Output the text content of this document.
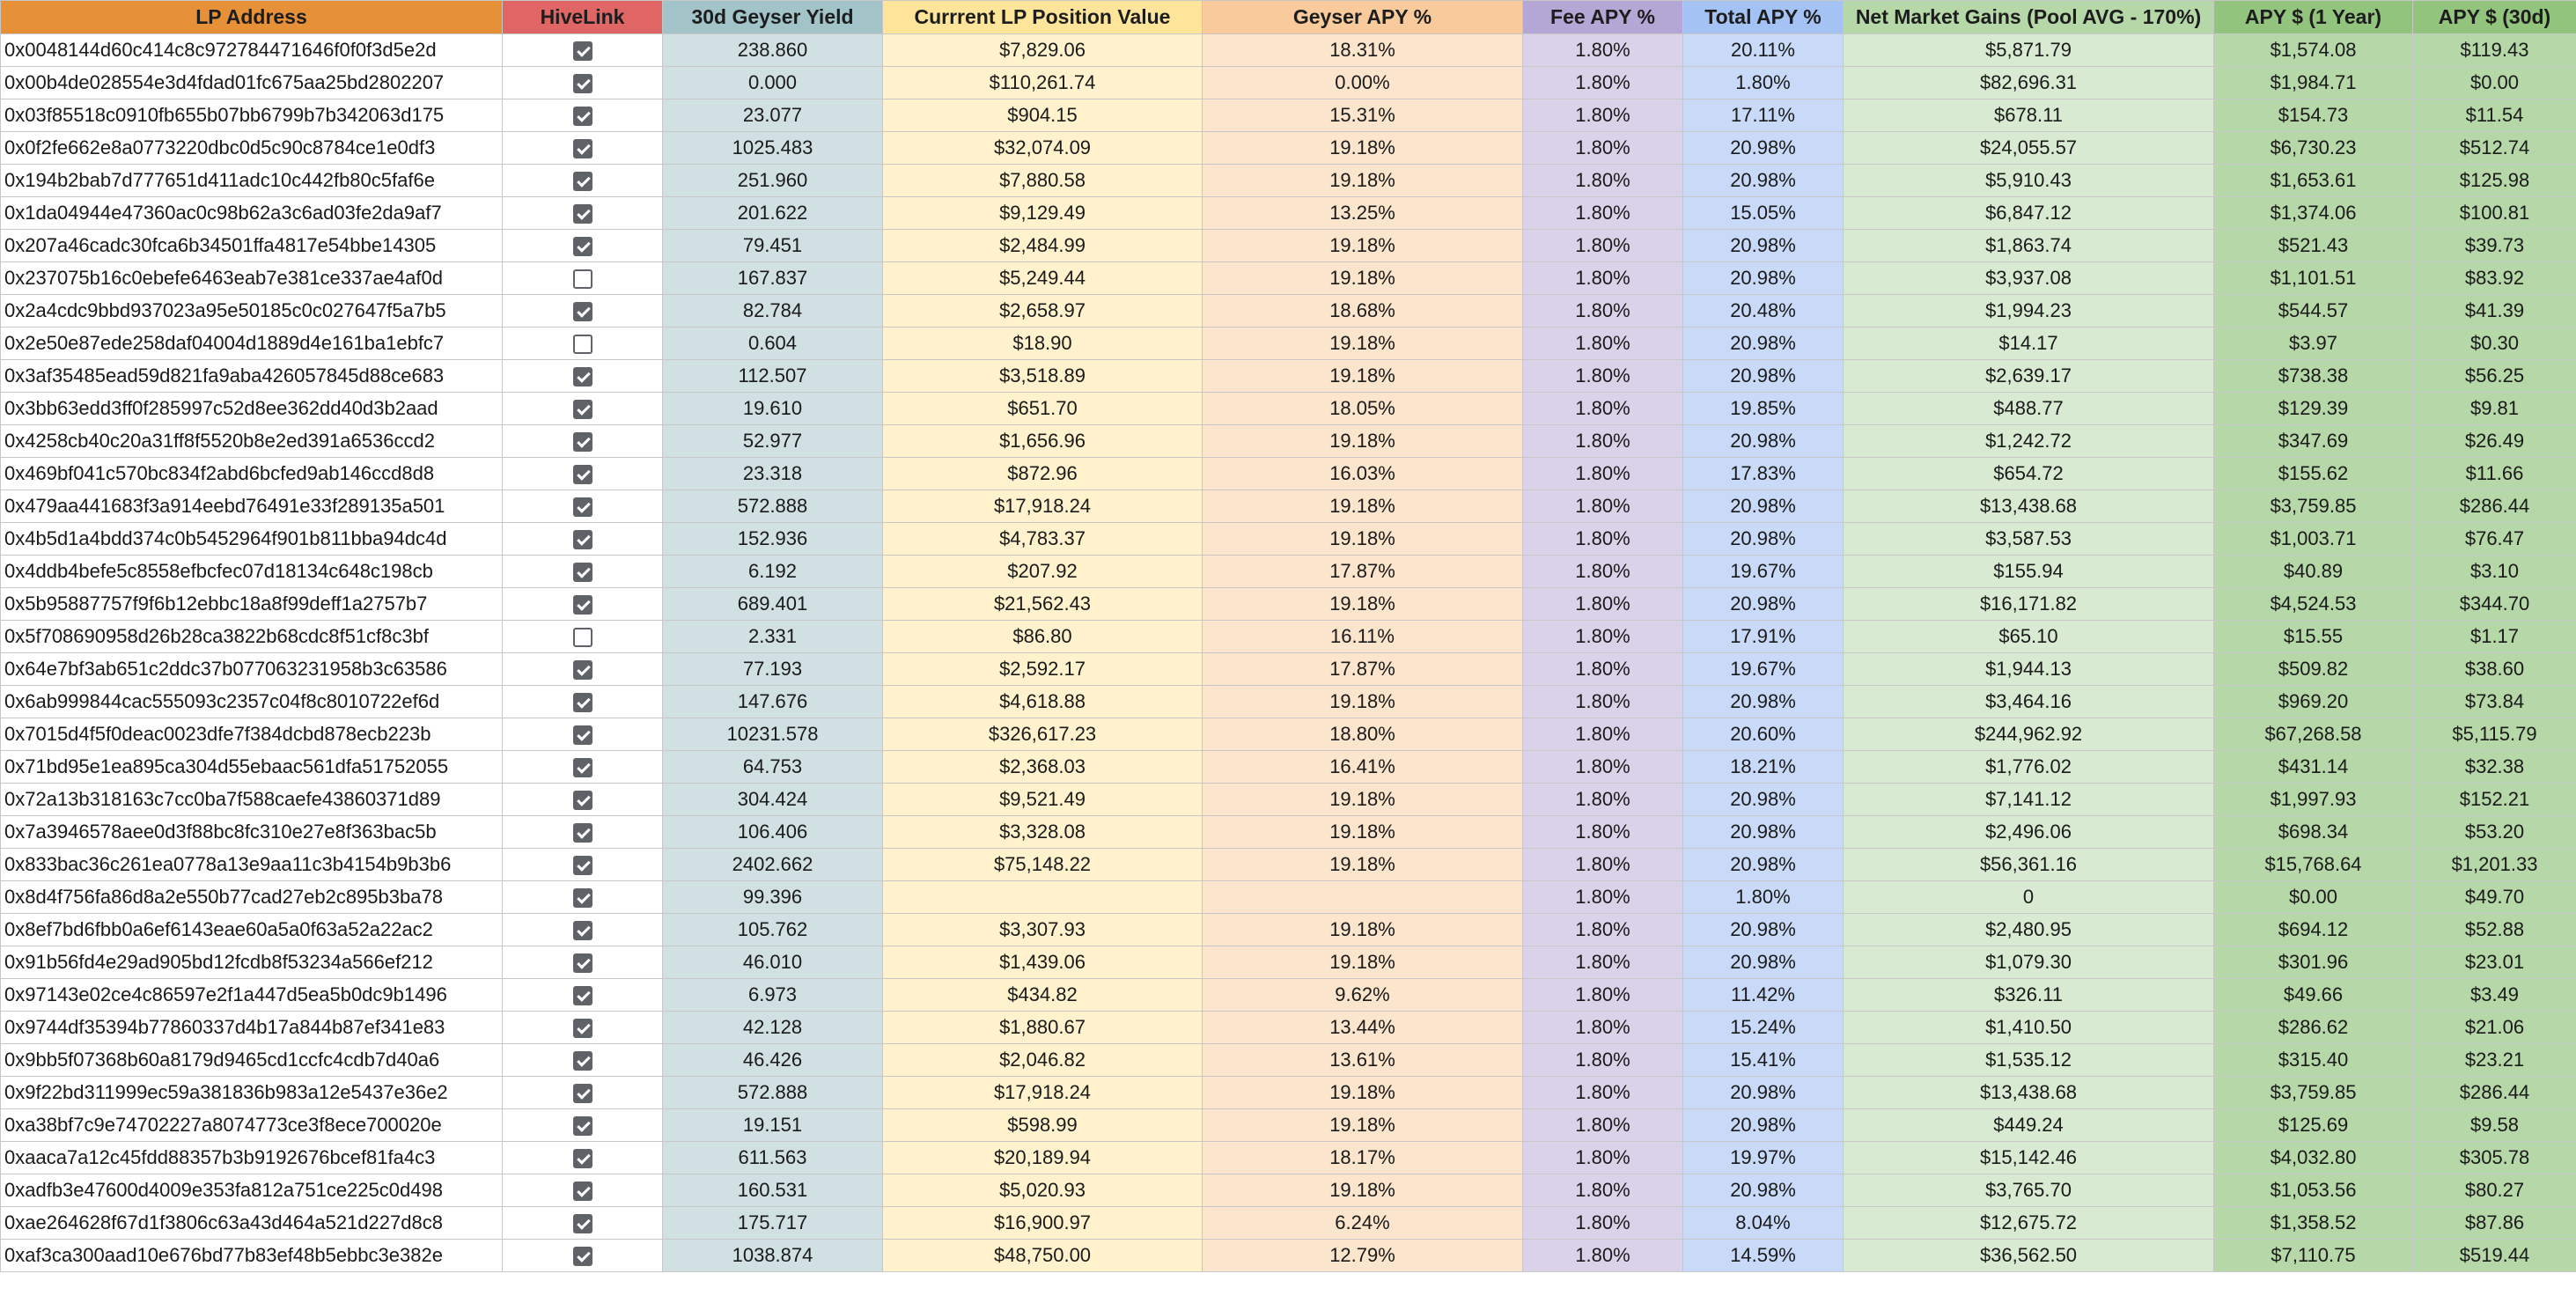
LP Address	HiveLink	30d Geyser Yield	Currrent LP Position Value	Geyser APY %	Fee APY %	Total APY %	Net Market Gains (Pool AVG - 170%)	APY $ (1 Year)	APY $ (30d)
0x0048144d60c414c8c972784471646f0f0f3d5e2d		238.860	$7,829.06	18.31%	1.80%	20.11%	$5,871.79	$1,574.08	$119.43
0x00b4de028554e3d4fdad01fc675aa25bd2802207		0.000	$110,261.74	0.00%	1.80%	1.80%	$82,696.31	$1,984.71	$0.00
0x03f85518c0910fb655b07bb6799b7b342063d175		23.077	$904.15	15.31%	1.80%	17.11%	$678.11	$154.73	$11.54
0x0f2fe662e8a0773220dbc0d5c90c8784ce1e0df3		1025.483	$32,074.09	19.18%	1.80%	20.98%	$24,055.57	$6,730.23	$512.74
0x194b2bab7d777651d411adc10c442fb80c5faf6e		251.960	$7,880.58	19.18%	1.80%	20.98%	$5,910.43	$1,653.61	$125.98
0x1da04944e47360ac0c98b62a3c6ad03fe2da9af7		201.622	$9,129.49	13.25%	1.80%	15.05%	$6,847.12	$1,374.06	$100.81
0x207a46cadc30fca6b34501ffa4817e54bbe14305		79.451	$2,484.99	19.18%	1.80%	20.98%	$1,863.74	$521.43	$39.73
0x237075b16c0ebefe6463eab7e381ce337ae4af0d		167.837	$5,249.44	19.18%	1.80%	20.98%	$3,937.08	$1,101.51	$83.92
0x2a4cdc9bbd937023a95e50185c0c027647f5a7b5		82.784	$2,658.97	18.68%	1.80%	20.48%	$1,994.23	$544.57	$41.39
0x2e50e87ede258daf04004d1889d4e161ba1ebfc7		0.604	$18.90	19.18%	1.80%	20.98%	$14.17	$3.97	$0.30
0x3af35485ead59d821fa9aba426057845d88ce683		112.507	$3,518.89	19.18%	1.80%	20.98%	$2,639.17	$738.38	$56.25
0x3bb63edd3ff0f285997c52d8ee362dd40d3b2aad		19.610	$651.70	18.05%	1.80%	19.85%	$488.77	$129.39	$9.81
0x4258cb40c20a31ff8f5520b8e2ed391a6536ccd2		52.977	$1,656.96	19.18%	1.80%	20.98%	$1,242.72	$347.69	$26.49
0x469bf041c570bc834f2abd6bcfed9ab146ccd8d8		23.318	$872.96	16.03%	1.80%	17.83%	$654.72	$155.62	$11.66
0x479aa441683f3a914eebd76491e33f289135a501		572.888	$17,918.24	19.18%	1.80%	20.98%	$13,438.68	$3,759.85	$286.44
0x4b5d1a4bdd374c0b5452964f901b811bba94dc4d		152.936	$4,783.37	19.18%	1.80%	20.98%	$3,587.53	$1,003.71	$76.47
0x4ddb4befe5c8558efbcfec07d18134c648c198cb		6.192	$207.92	17.87%	1.80%	19.67%	$155.94	$40.89	$3.10
0x5b95887757f9f6b12ebbc18a8f99deff1a2757b7		689.401	$21,562.43	19.18%	1.80%	20.98%	$16,171.82	$4,524.53	$344.70
0x5f708690958d26b28ca3822b68cdc8f51cf8c3bf		2.331	$86.80	16.11%	1.80%	17.91%	$65.10	$15.55	$1.17
0x64e7bf3ab651c2ddc37b077063231958b3c63586		77.193	$2,592.17	17.87%	1.80%	19.67%	$1,944.13	$509.82	$38.60
0x6ab999844cac555093c2357c04f8c8010722ef6d		147.676	$4,618.88	19.18%	1.80%	20.98%	$3,464.16	$969.20	$73.84
0x7015d4f5f0deac0023dfe7f384dcbd878ecb223b		10231.578	$326,617.23	18.80%	1.80%	20.60%	$244,962.92	$67,268.58	$5,115.79
0x71bd95e1ea895ca304d55ebaac561dfa51752055		64.753	$2,368.03	16.41%	1.80%	18.21%	$1,776.02	$431.14	$32.38
0x72a13b318163c7cc0ba7f588caefe43860371d89		304.424	$9,521.49	19.18%	1.80%	20.98%	$7,141.12	$1,997.93	$152.21
0x7a3946578aee0d3f88bc8fc310e27e8f363bac5b		106.406	$3,328.08	19.18%	1.80%	20.98%	$2,496.06	$698.34	$53.20
0x833bac36c261ea0778a13e9aa11c3b4154b9b3b6		2402.662	$75,148.22	19.18%	1.80%	20.98%	$56,361.16	$15,768.64	$1,201.33
0x8d4f756fa86d8a2e550b77cad27eb2c895b3ba78		99.396			1.80%	1.80%	0	$0.00	$49.70
0x8ef7bd6fbb0a6ef6143eae60a5a0f63a52a22ac2		105.762	$3,307.93	19.18%	1.80%	20.98%	$2,480.95	$694.12	$52.88
0x91b56fd4e29ad905bd12fcdb8f53234a566ef212		46.010	$1,439.06	19.18%	1.80%	20.98%	$1,079.30	$301.96	$23.01
0x97143e02ce4c86597e2f1a447d5ea5b0dc9b1496		6.973	$434.82	9.62%	1.80%	11.42%	$326.11	$49.66	$3.49
0x9744df35394b77860337d4b17a844b87ef341e83		42.128	$1,880.67	13.44%	1.80%	15.24%	$1,410.50	$286.62	$21.06
0x9bb5f07368b60a8179d9465cd1ccfc4cdb7d40a6		46.426	$2,046.82	13.61%	1.80%	15.41%	$1,535.12	$315.40	$23.21
0x9f22bd311999ec59a381836b983a12e5437e36e2		572.888	$17,918.24	19.18%	1.80%	20.98%	$13,438.68	$3,759.85	$286.44
0xa38bf7c9e74702227a8074773ce3f8ece700020e		19.151	$598.99	19.18%	1.80%	20.98%	$449.24	$125.69	$9.58
0xaaca7a12c45fdd88357b3b9192676bcef81fa4c3		611.563	$20,189.94	18.17%	1.80%	19.97%	$15,142.46	$4,032.80	$305.78
0xadfb3e47600d4009e353fa812a751ce225c0d498		160.531	$5,020.93	19.18%	1.80%	20.98%	$3,765.70	$1,053.56	$80.27
0xae264628f67d1f3806c63a43d464a521d227d8c8		175.717	$16,900.97	6.24%	1.80%	8.04%	$12,675.72	$1,358.52	$87.86
0xaf3ca300aad10e676bd77b83ef48b5ebbc3e382e		1038.874	$48,750.00	12.79%	1.80%	14.59%	$36,562.50	$7,110.75	$519.44
